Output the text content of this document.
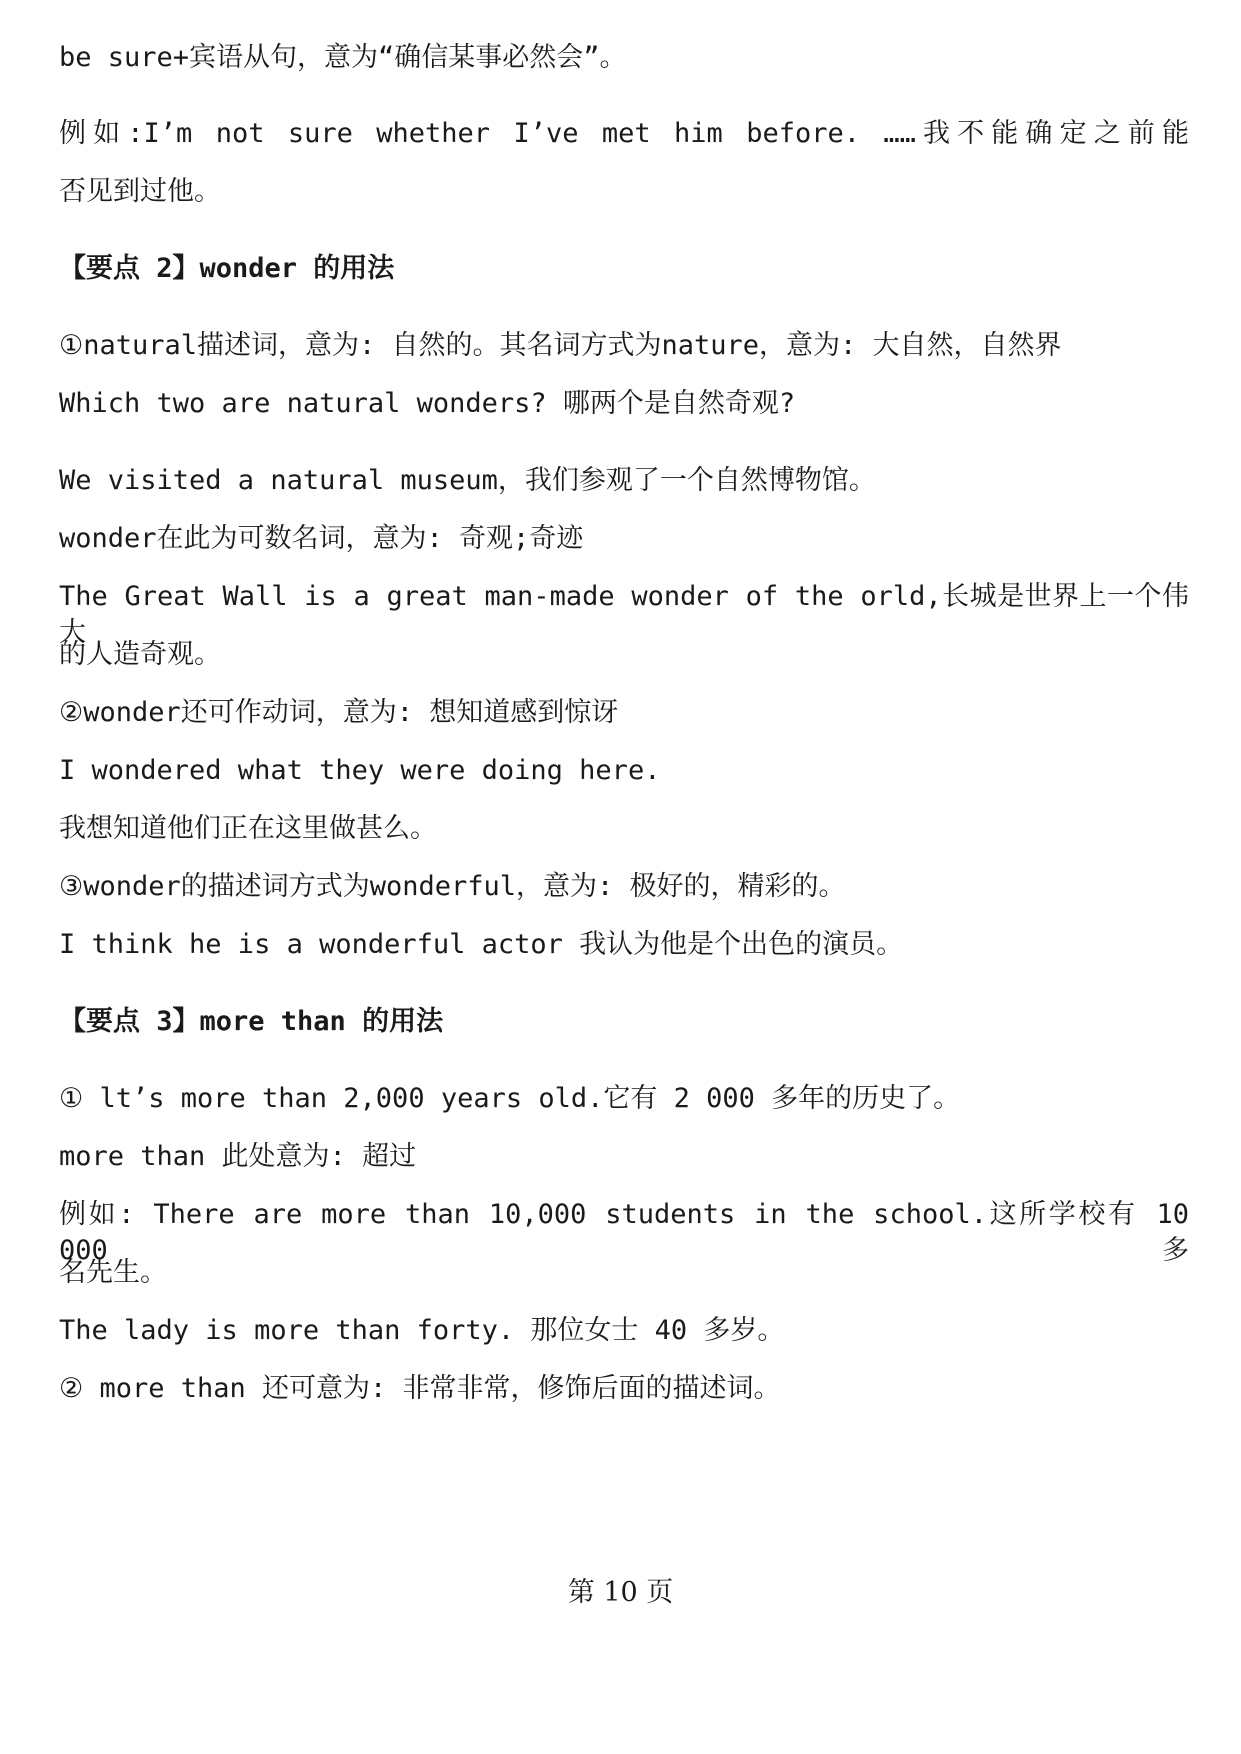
be sure+宾语从句，意为“确信某事必然会”。
例如:I’m not sure whether I’ve met him before. ……我不能确定之前能
否见到过他。
【要点 2】wonder 的用法
①natural描述词，意为: 自然的。其名词方式为nature，意为: 大自然，自然界
Which two are natural wonders? 哪两个是自然奇观?
We visited a natural museum，我们参观了一个自然博物馆。
wonder在此为可数名词，意为: 奇观;奇迹
The Great Wall is a great man-made wonder of the orld,长城是世界上一个伟大
的人造奇观。
②wonder还可作动词，意为: 想知道感到惊讶
I wondered what they were doing here.
我想知道他们正在这里做甚么。
③wonder的描述词方式为wonderful，意为: 极好的，精彩的。
I think he is a wonderful actor 我认为他是个出色的演员。
【要点 3】more than 的用法
① lt’s more than 2,000 years old.它有 2 000 多年的历史了。
more than 此处意为: 超过
例如: There are more than 10,000 students in the school.这所学校有 10 000 多
名先生。
The lady is more than forty. 那位女士 40 多岁。
② more than 还可意为: 非常非常，修饰后面的描述词。
第 10 页
